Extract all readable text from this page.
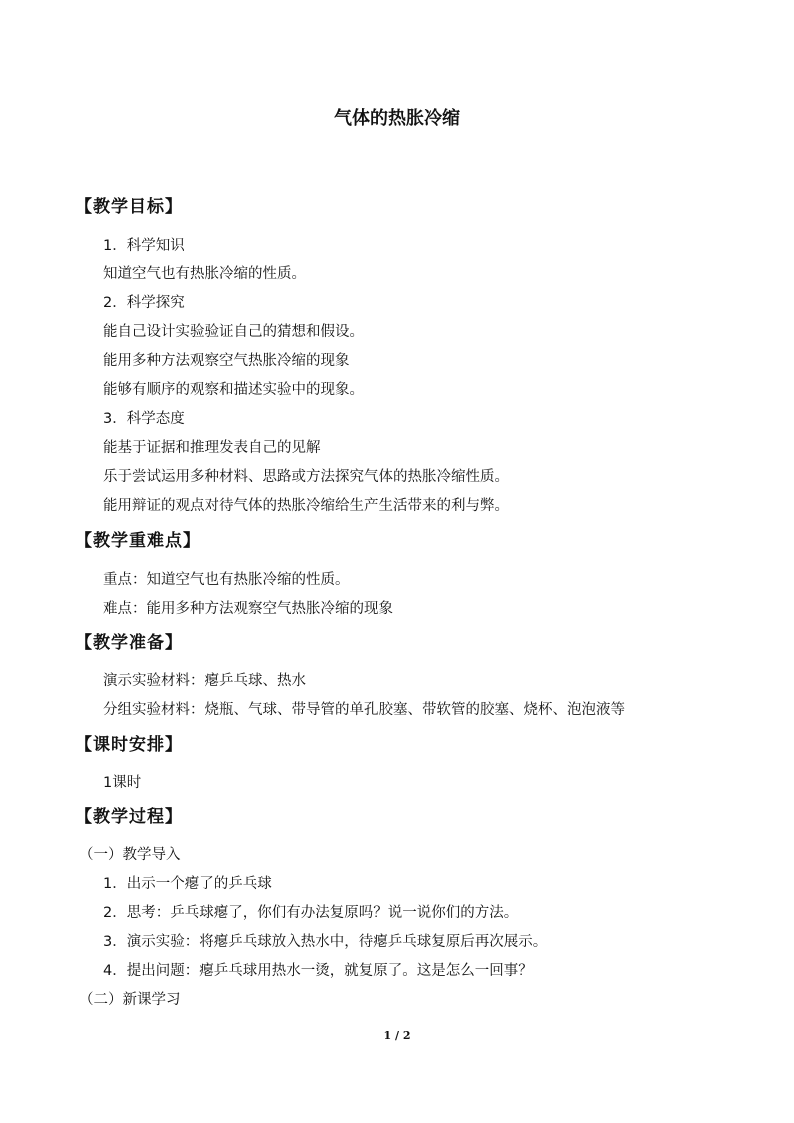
气体的热胀冷缩
【教学目标】
1．科学知识
知道空气也有热胀冷缩的性质。
2．科学探究
能自己设计实验验证自己的猜想和假设。
能用多种方法观察空气热胀冷缩的现象
能够有顺序的观察和描述实验中的现象。
3．科学态度
能基于证据和推理发表自己的见解
乐于尝试运用多种材料、思路或方法探究气体的热胀冷缩性质。
能用辩证的观点对待气体的热胀冷缩给生产生活带来的利与弊。
【教学重难点】
重点：知道空气也有热胀冷缩的性质。
难点：能用多种方法观察空气热胀冷缩的现象
【教学准备】
演示实验材料：瘪乒乓球、热水
分组实验材料：烧瓶、气球、带导管的单孔胶塞、带软管的胶塞、烧杯、泡泡液等
【课时安排】
1课时
【教学过程】
（一）教学导入
1．出示一个瘪了的乒乓球
2．思考：乒乓球瘪了，你们有办法复原吗？说一说你们的方法。
3．演示实验：将瘪乒乓球放入热水中，待瘪乒乓球复原后再次展示。
4．提出问题：瘪乒乓球用热水一烫，就复原了。这是怎么一回事？
（二）新课学习
1 / 2
